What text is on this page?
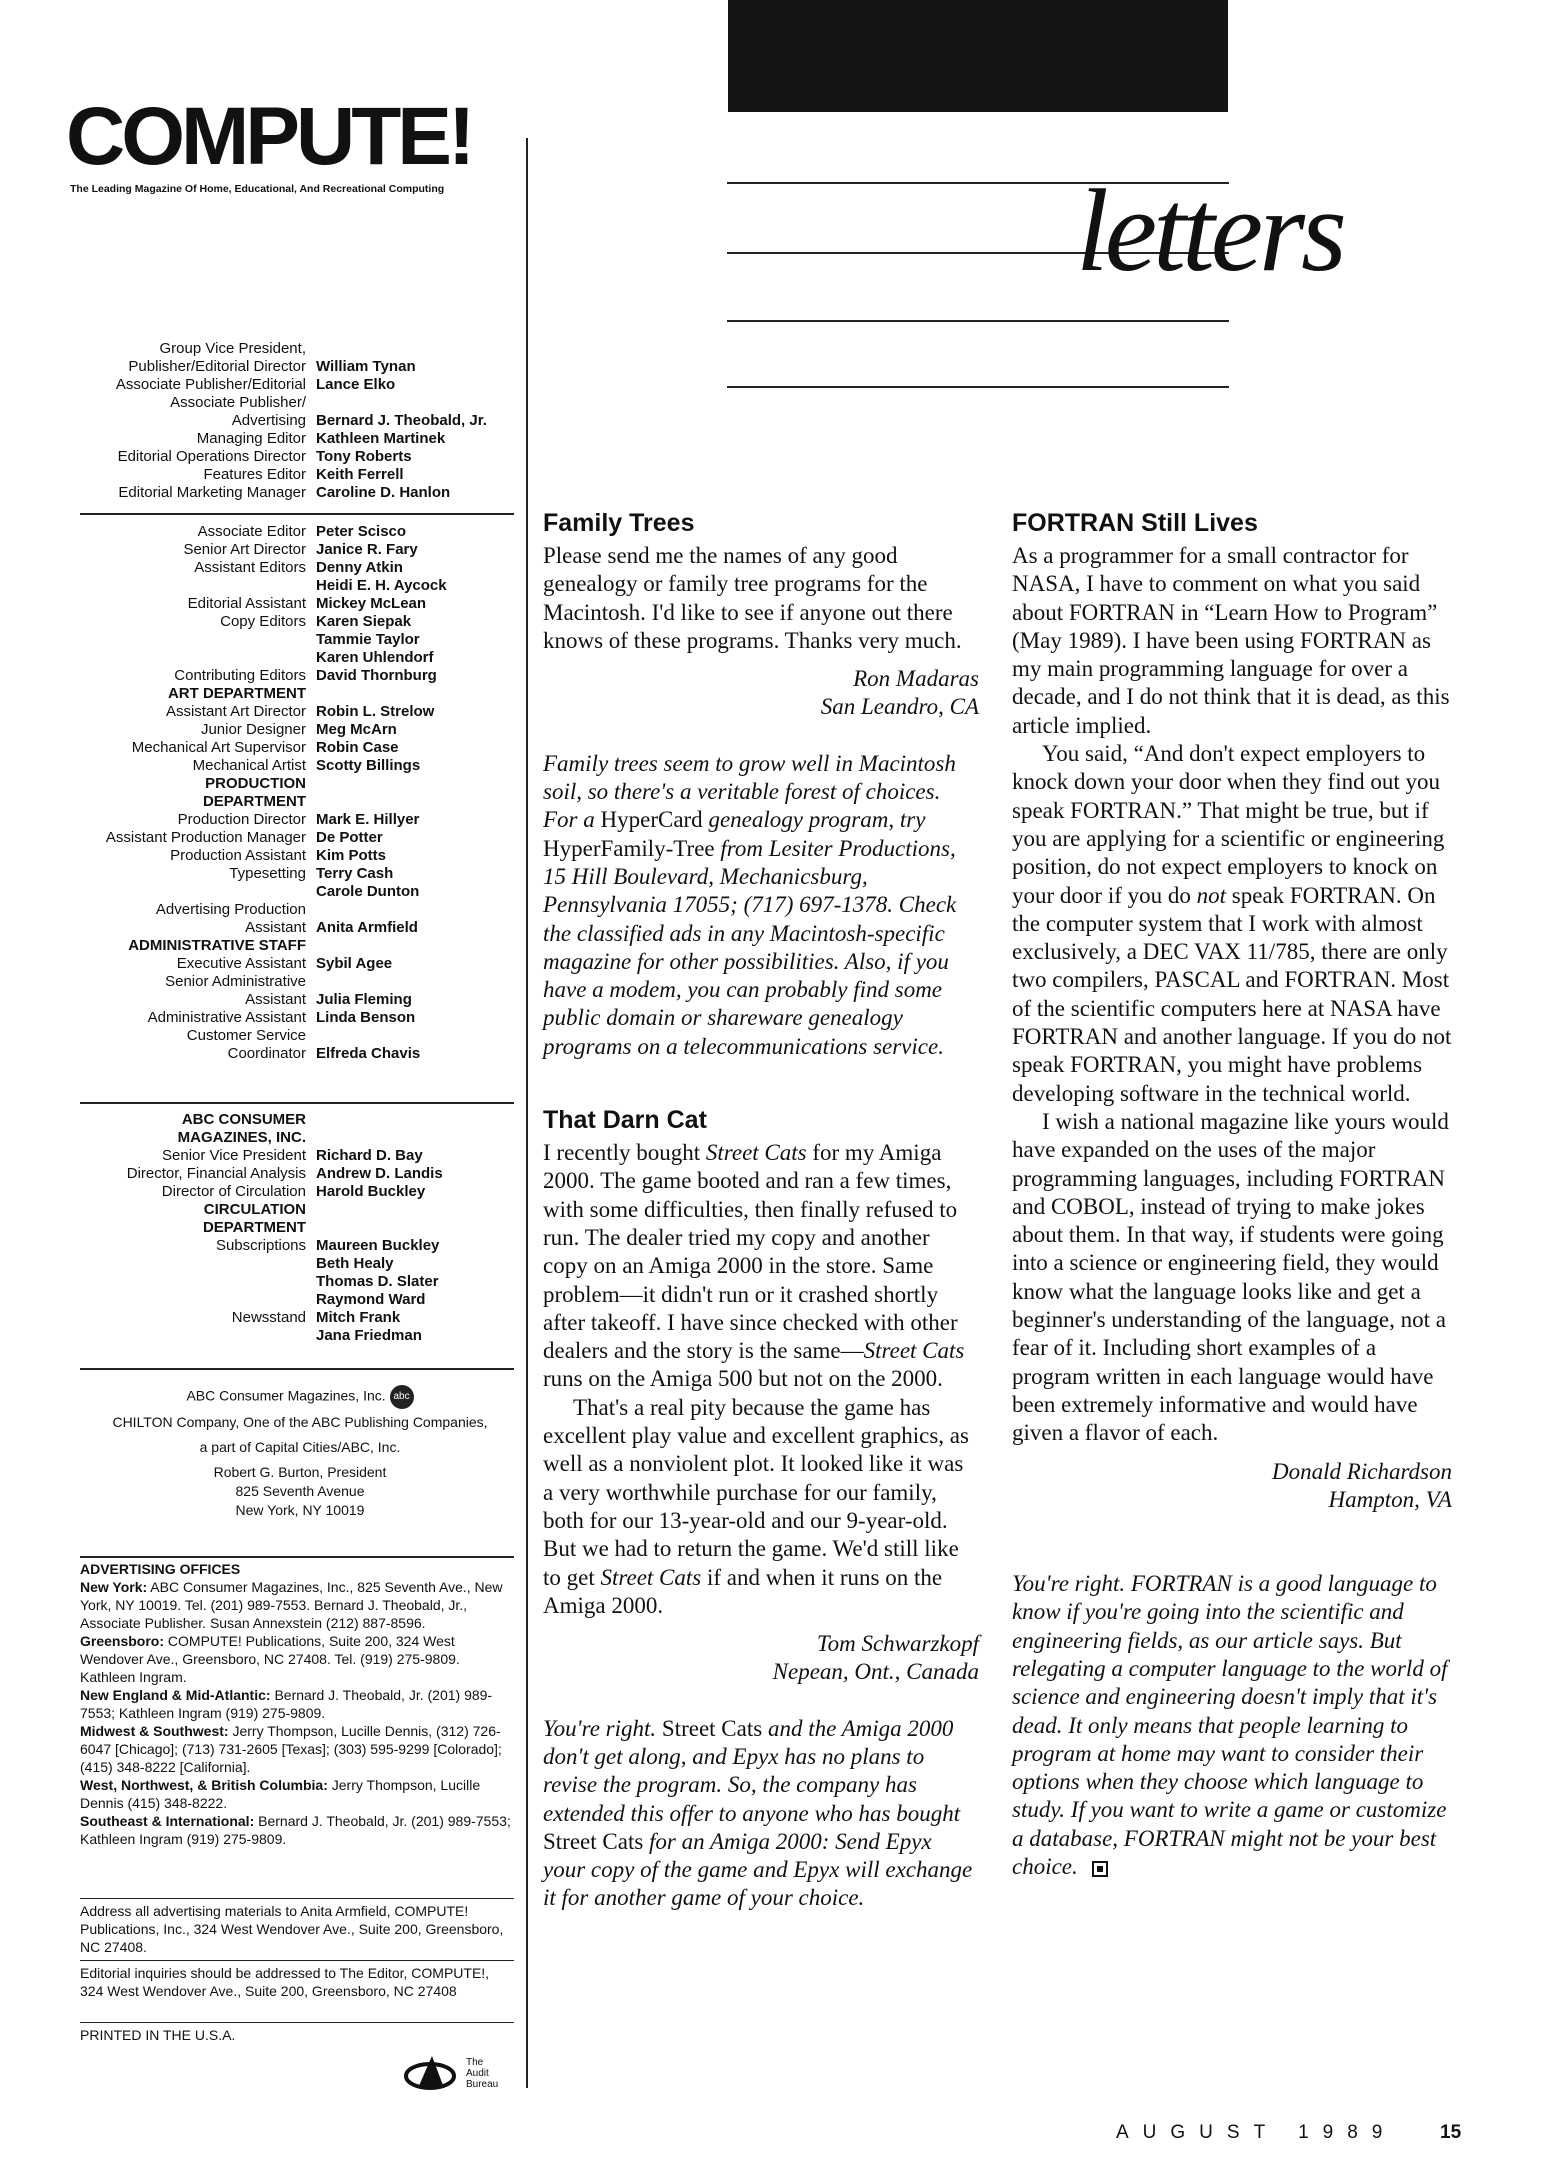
COMPUTE!
The Leading Magazine Of Home, Educational, And Recreational Computing	letters
Group Vice President,
Publisher/Editorial Director William Tynan
Associate Publisher/Editorial Lance Elko
Associate Publisher/
Advertising Bernard J. Theobald, Jr.
Managing Editor Kathleen Martinek
Editorial Operations Director Tony Roberts
Features Editor Keith Ferrell
Editorial Marketing Manager Caroline D. Hanlon
Associate Editor Peter Scisco
Senior Art Director Janice R. Fary
Assistant Editors Denny Atkin
Heidi E. H. Aycock
Editorial Assistant Mickey McLean
Copy Editors Karen Siepak
Tammie Taylor
Karen Uhlendorf
Contributing Editors David Thornburg
ART DEPARTMENT
Assistant Art Director Robin L. Strelow
Junior Designer Meg McArn
Mechanical Art Supervisor Robin Case
Mechanical Artist Scotty Billings
PRODUCTION
DEPARTMENT
Production Director Mark E. Hillyer
Assistant Production Manager De Potter
Production Assistant Kim Potts
Typesetting Terry Cash
Carole Dunton
Advertising Production
Assistant Anita Armfield
ADMINISTRATIVE STAFF
Executive Assistant Sybil Agee
Senior Administrative
Assistant Julia Fleming
Administrative Assistant Linda Benson
Customer Service
Coordinator Elfreda Chavis
ABC CONSUMER
MAGAZINES, INC.
Senior Vice President Richard D. Bay
Director, Financial Analysis Andrew D. Landis
Director of Circulation Harold Buckley
CIRCULATION
DEPARTMENT
Subscriptions Maureen Buckley
Beth Healy
Thomas D. Slater
Raymond Ward
Newsstand Mitch Frank
Jana Friedman
ABC Consumer Magazines, Inc. abc
CHILTON Company, One of the ABC Publishing Companies,
a part of Capital Cities/ABC, Inc.
Robert G. Burton, President
825 Seventh Avenue
New York, NY 10019
ADVERTISING OFFICES
New York: ABC Consumer Magazines, Inc., 825 Seventh Ave., New York, NY 10019. Tel. (201) 989-7553. Bernard J. Theobald, Jr., Associate Publisher. Susan Annexstein (212) 887-8596.
Greensboro: COMPUTE! Publications, Suite 200, 324 West Wendover Ave., Greensboro, NC 27408. Tel. (919) 275-9809. Kathleen Ingram.
New England & Mid-Atlantic: Bernard J. Theobald, Jr. (201) 989-7553; Kathleen Ingram (919) 275-9809.
Midwest & Southwest: Jerry Thompson, Lucille Dennis, (312) 726-6047 [Chicago]; (713) 731-2605 [Texas]; (303) 595-9299 [Colorado]; (415) 348-8222 [California].
West, Northwest, & British Columbia: Jerry Thompson, Lucille Dennis (415) 348-8222.
Southeast & International: Bernard J. Theobald, Jr. (201) 989-7553; Kathleen Ingram (919) 275-9809.
Address all advertising materials to Anita Armfield, COMPUTE! Publications, Inc., 324 West Wendover Ave., Suite 200, Greensboro, NC 27408.
Editorial inquiries should be addressed to The Editor, COMPUTE!, 324 West Wendover Ave., Suite 200, Greensboro, NC 27408
PRINTED IN THE U.S.A.
The
Audit
Bureau
Family Trees

Please send me the names of any good genealogy or family tree programs for the Macintosh. I'd like to see if anyone out there knows of these programs. Thanks very much.

Ron Madaras
San Leandro, CA

Family trees seem to grow well in Macintosh soil, so there's a veritable forest of choices. For a HyperCard genealogy program, try HyperFamily-Tree from Lesiter Productions, 15 Hill Boulevard, Mechanicsburg, Pennsylvania 17055; (717) 697-1378. Check the classified ads in any Macintosh-specific magazine for other possibilities. Also, if you have a modem, you can probably find some public domain or shareware genealogy programs on a telecommunications service.

That Darn Cat

I recently bought Street Cats for my Amiga 2000. The game booted and ran a few times, with some difficulties, then finally refused to run. The dealer tried my copy and another copy on an Amiga 2000 in the store. Same problem—it didn't run or it crashed shortly after takeoff. I have since checked with other dealers and the story is the same—Street Cats runs on the Amiga 500 but not on the 2000.

That's a real pity because the game has excellent play value and excellent graphics, as well as a nonviolent plot. It looked like it was a very worthwhile purchase for our family, both for our 13-year-old and our 9-year-old. But we had to return the game. We'd still like to get Street Cats if and when it runs on the Amiga 2000.

Tom Schwarzkopf
Nepean, Ont., Canada

You're right. Street Cats and the Amiga 2000 don't get along, and Epyx has no plans to revise the program. So, the company has extended this offer to anyone who has bought Street Cats for an Amiga 2000: Send Epyx your copy of the game and Epyx will exchange it for another game of your choice.

FORTRAN Still Lives

As a programmer for a small contractor for NASA, I have to comment on what you said about FORTRAN in “Learn How to Program” (May 1989). I have been using FORTRAN as my main programming language for over a decade, and I do not think that it is dead, as this article implied.

You said, “And don't expect employers to knock down your door when they find out you speak FORTRAN.” That might be true, but if you are applying for a scientific or engineering position, do not expect employers to knock on your door if you do not speak FORTRAN. On the computer system that I work with almost exclusively, a DEC VAX 11/785, there are only two compilers, PASCAL and FORTRAN. Most of the scientific computers here at NASA have FORTRAN and another language. If you do not speak FORTRAN, you might have problems developing software in the technical world.

I wish a national magazine like yours would have expanded on the uses of the major programming languages, including FORTRAN and COBOL, instead of trying to make jokes about them. In that way, if students were going into a science or engineering field, they would know what the language looks like and get a beginner's understanding of the language, not a fear of it. Including short examples of a program written in each language would have been extremely informative and would have given a flavor of each.

Donald Richardson
Hampton, VA

You're right. FORTRAN is a good language to know if you're going into the scientific and engineering fields, as our article says. But relegating a computer language to the world of science and engineering doesn't imply that it's dead. It only means that people learning to program at home may want to consider their options when they choose which language to study. If you want to write a game or customize a database, FORTRAN might not be your best choice.

AUGUST 1989 15
